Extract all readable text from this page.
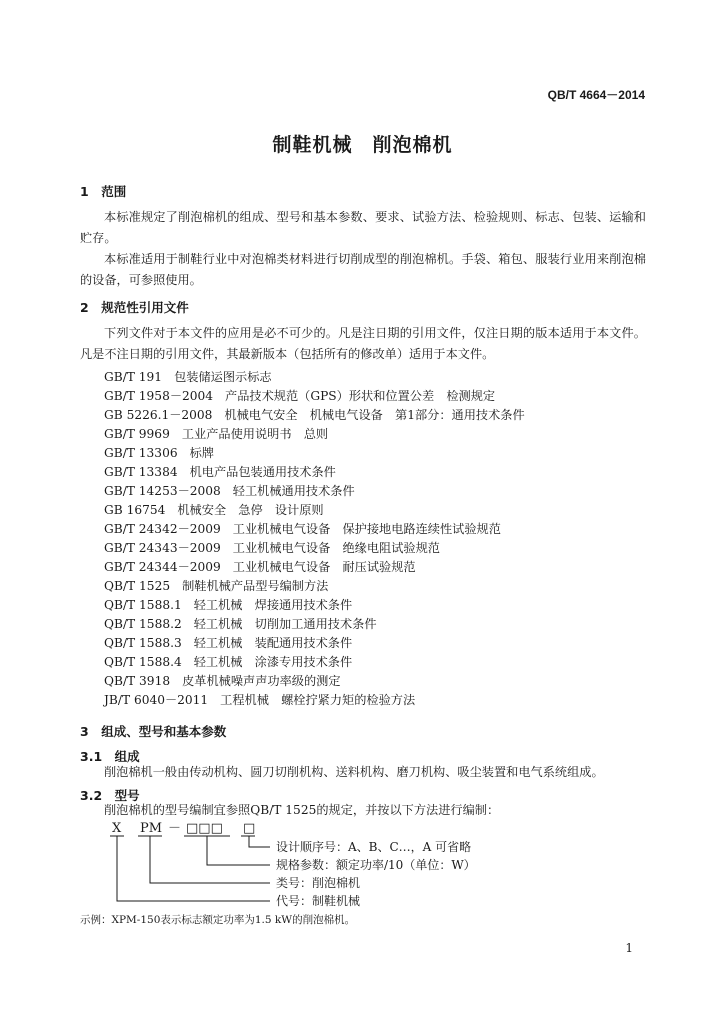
QB/T 4664－2014
制鞋机械　削泡棉机
1　范围
本标准规定了削泡棉机的组成、型号和基本参数、要求、试验方法、检验规则、标志、包装、运输和贮存。
本标准适用于制鞋行业中对泡棉类材料进行切削成型的削泡棉机。手袋、箱包、服装行业用来削泡棉的设备，可参照使用。
2　规范性引用文件
下列文件对于本文件的应用是必不可少的。凡是注日期的引用文件，仅注日期的版本适用于本文件。凡是不注日期的引用文件，其最新版本（包括所有的修改单）适用于本文件。
GB/T 191 包装储运图示标志
GB/T 1958－2004 产品技术规范（GPS）形状和位置公差　检测规定
GB 5226.1－2008 机械电气安全　机械电气设备　第1部分：通用技术条件
GB/T 9969 工业产品使用说明书　总则
GB/T 13306 标牌
GB/T 13384 机电产品包装通用技术条件
GB/T 14253－2008 轻工机械通用技术条件
GB 16754 机械安全　急停　设计原则
GB/T 24342－2009 工业机械电气设备　保护接地电路连续性试验规范
GB/T 24343－2009 工业机械电气设备　绝缘电阻试验规范
GB/T 24344－2009 工业机械电气设备　耐压试验规范
QB/T 1525 制鞋机械产品型号编制方法
QB/T 1588.1 轻工机械　焊接通用技术条件
QB/T 1588.2 轻工机械　切削加工通用技术条件
QB/T 1588.3 轻工机械　装配通用技术条件
QB/T 1588.4 轻工机械　涂漆专用技术条件
QB/T 3918 皮革机械噪声声功率级的测定
JB/T 6040－2011 工程机械　螺栓拧紧力矩的检验方法
3　组成、型号和基本参数
3.1　组成
削泡棉机一般由传动机构、圆刀切削机构、送料机构、磨刀机构、吸尘装置和电气系统组成。
3.2　型号
削泡棉机的型号编制宜参照QB/T 1525的规定，并按以下方法进行编制：
X PM － □□□ □
设计顺序号：A、B、C…，A 可省略
规格参数：额定功率/10（单位：W）
类号：削泡棉机
代号：制鞋机械
示例：XPM-150表示标志额定功率为1.5 kW的削泡棉机。
1
